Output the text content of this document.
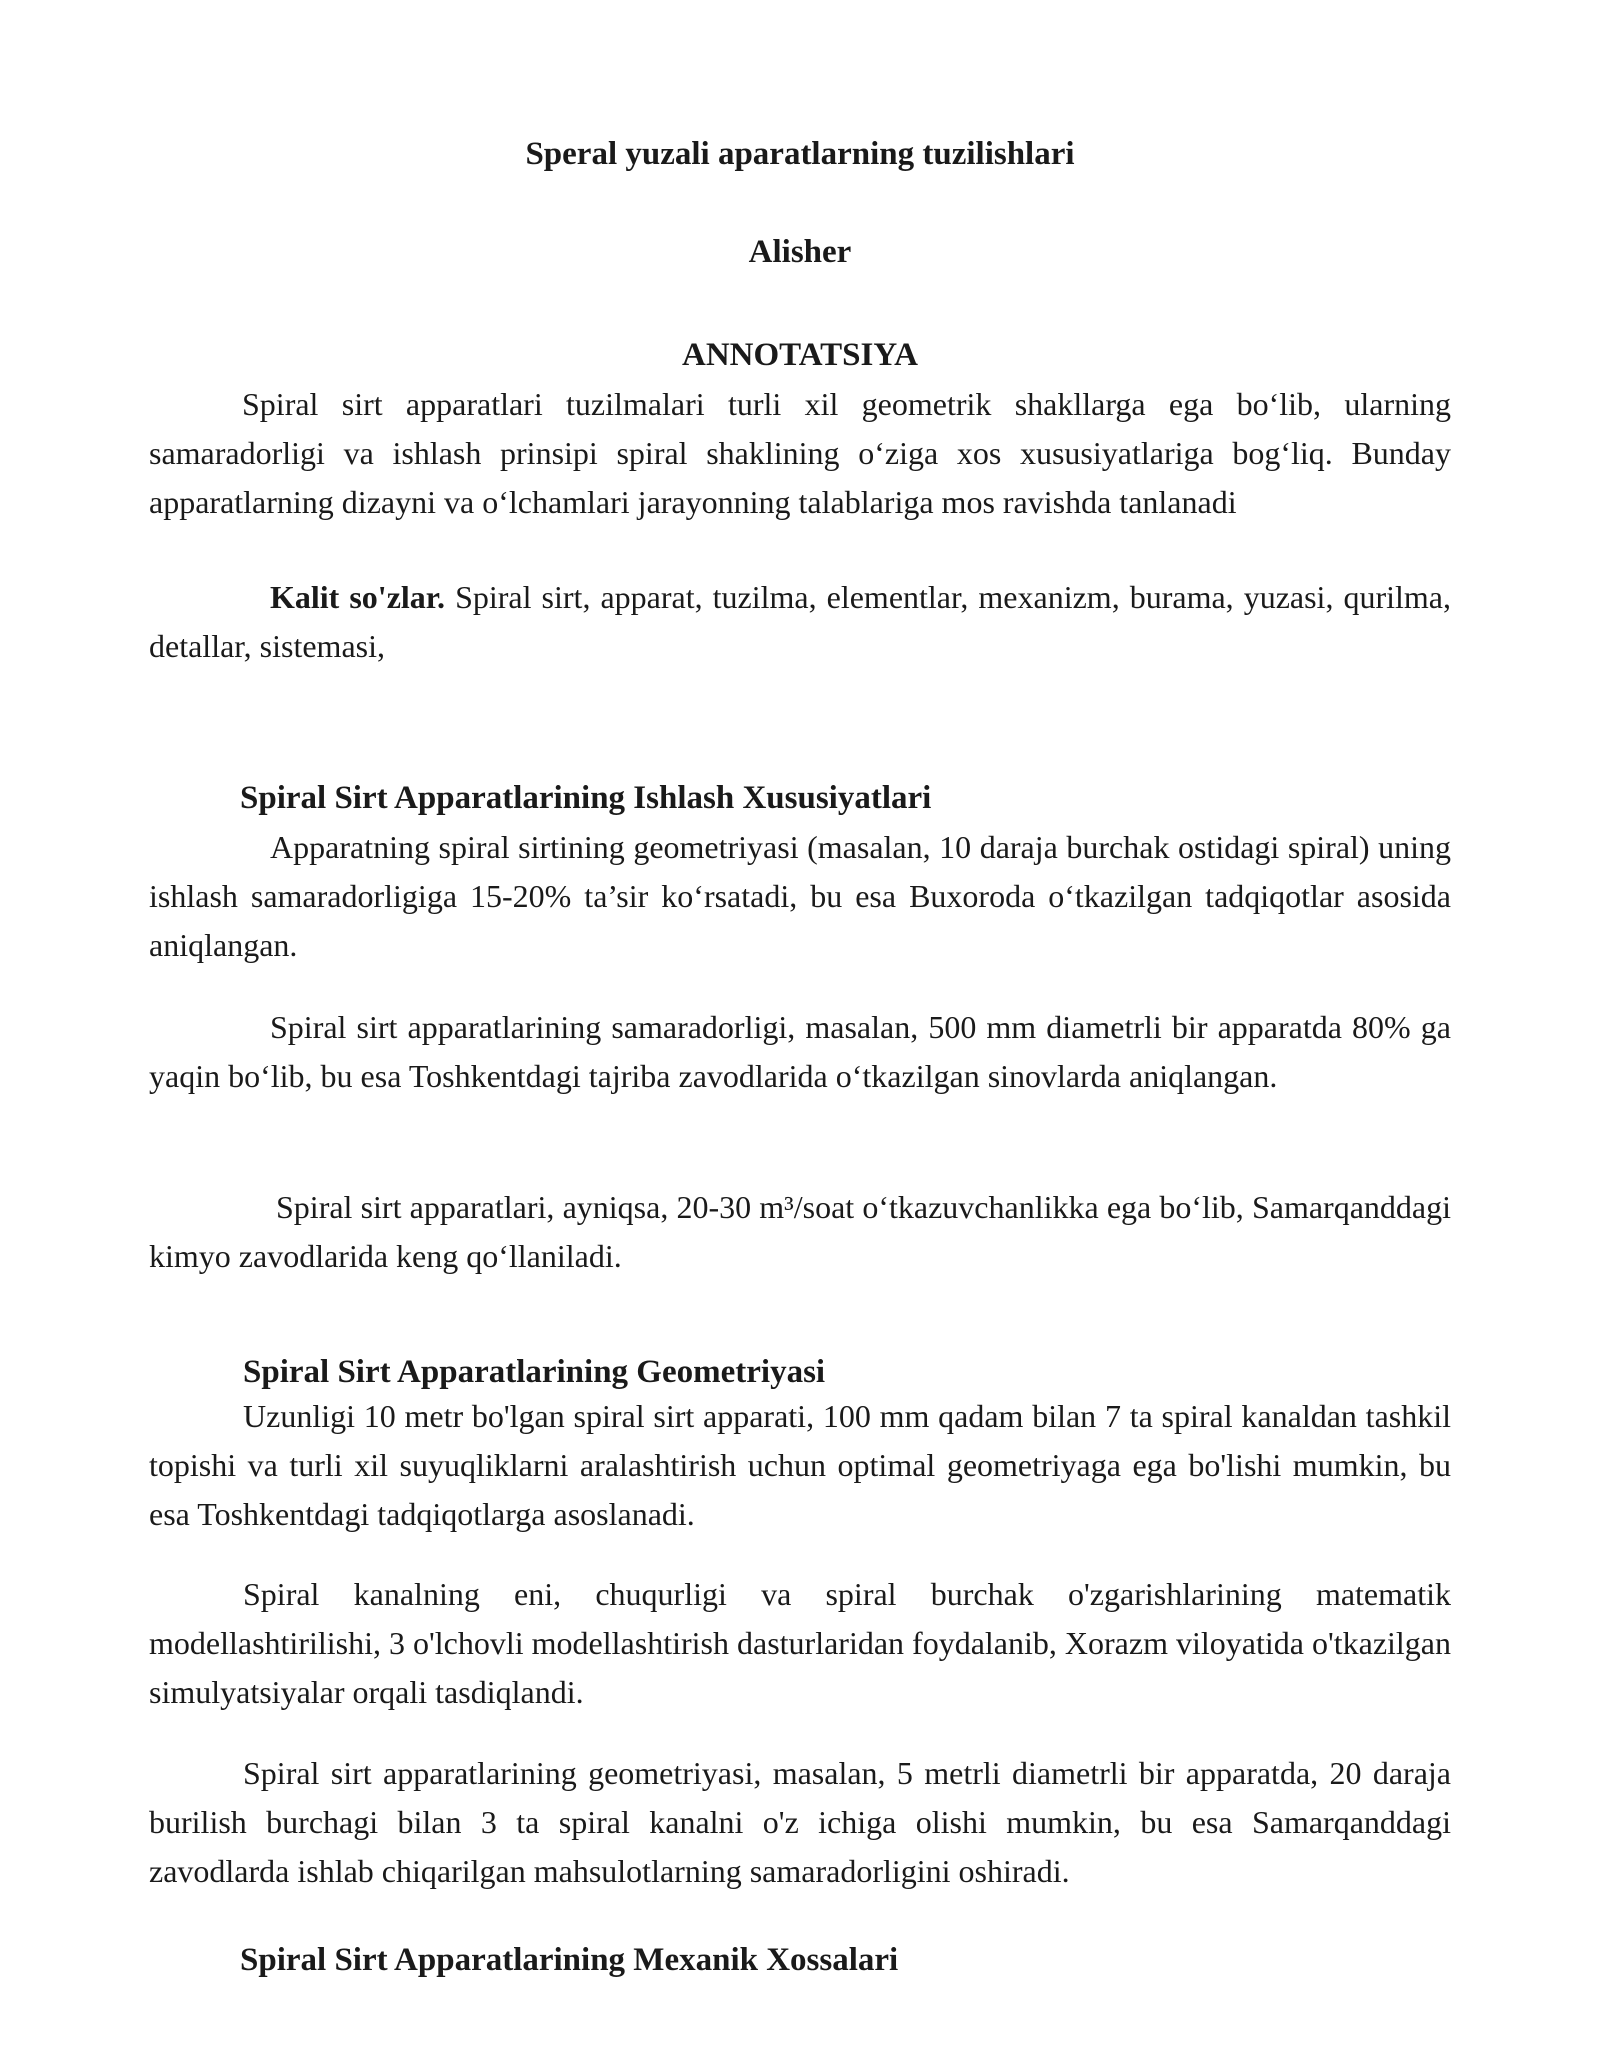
Speral yuzali aparatlarning tuzilishlari
Alisher
ANNOTATSIYA
Spiral sirt apparatlari tuzilmalari turli xil geometrik shakllarga ega bo‘lib, ularning samaradorligi va ishlash prinsipi spiral shaklining o‘ziga xos xususiyatlariga bog‘liq. Bunday apparatlarning dizayni va o‘lchamlari jarayonning talablariga mos ravishda tanlanadi
Kalit so'zlar. Spiral sirt, apparat, tuzilma, elementlar, mexanizm, burama, yuzasi, qurilma, detallar, sistemasi,
Spiral Sirt Apparatlarining Ishlash Xususiyatlari
Apparatning spiral sirtining geometriyasi (masalan, 10 daraja burchak ostidagi spiral) uning ishlash samaradorligiga 15-20% ta’sir ko‘rsatadi, bu esa Buxoroda o‘tkazilgan tadqiqotlar asosida aniqlangan.
Spiral sirt apparatlarining samaradorligi, masalan, 500 mm diametrli bir apparatda 80% ga yaqin bo‘lib, bu esa Toshkentdagi tajriba zavodlarida o‘tkazilgan sinovlarda aniqlangan.
Spiral sirt apparatlari, ayniqsa, 20-30 m³/soat o‘tkazuvchanlikka ega bo‘lib, Samarqanddagi kimyo zavodlarida keng qo‘llaniladi.
Spiral Sirt Apparatlarining Geometriyasi
Uzunligi 10 metr bo'lgan spiral sirt apparati, 100 mm qadam bilan 7 ta spiral kanaldan tashkil topishi va turli xil suyuqliklarni aralashtirish uchun optimal geometriyaga ega bo'lishi mumkin, bu esa Toshkentdagi tadqiqotlarga asoslanadi.
Spiral kanalning eni, chuqurligi va spiral burchak o'zgarishlarining matematik modellashtirilishi, 3 o'lchovli modellashtirish dasturlaridan foydalanib, Xorazm viloyatida o'tkazilgan simulyatsiyalar orqali tasdiqlandi.
Spiral sirt apparatlarining geometriyasi, masalan, 5 metrli diametrli bir apparatda, 20 daraja burilish burchagi bilan 3 ta spiral kanalni o'z ichiga olishi mumkin, bu esa Samarqanddagi zavodlarda ishlab chiqarilgan mahsulotlarning samaradorligini oshiradi.
Spiral Sirt Apparatlarining Mexanik Xossalari
